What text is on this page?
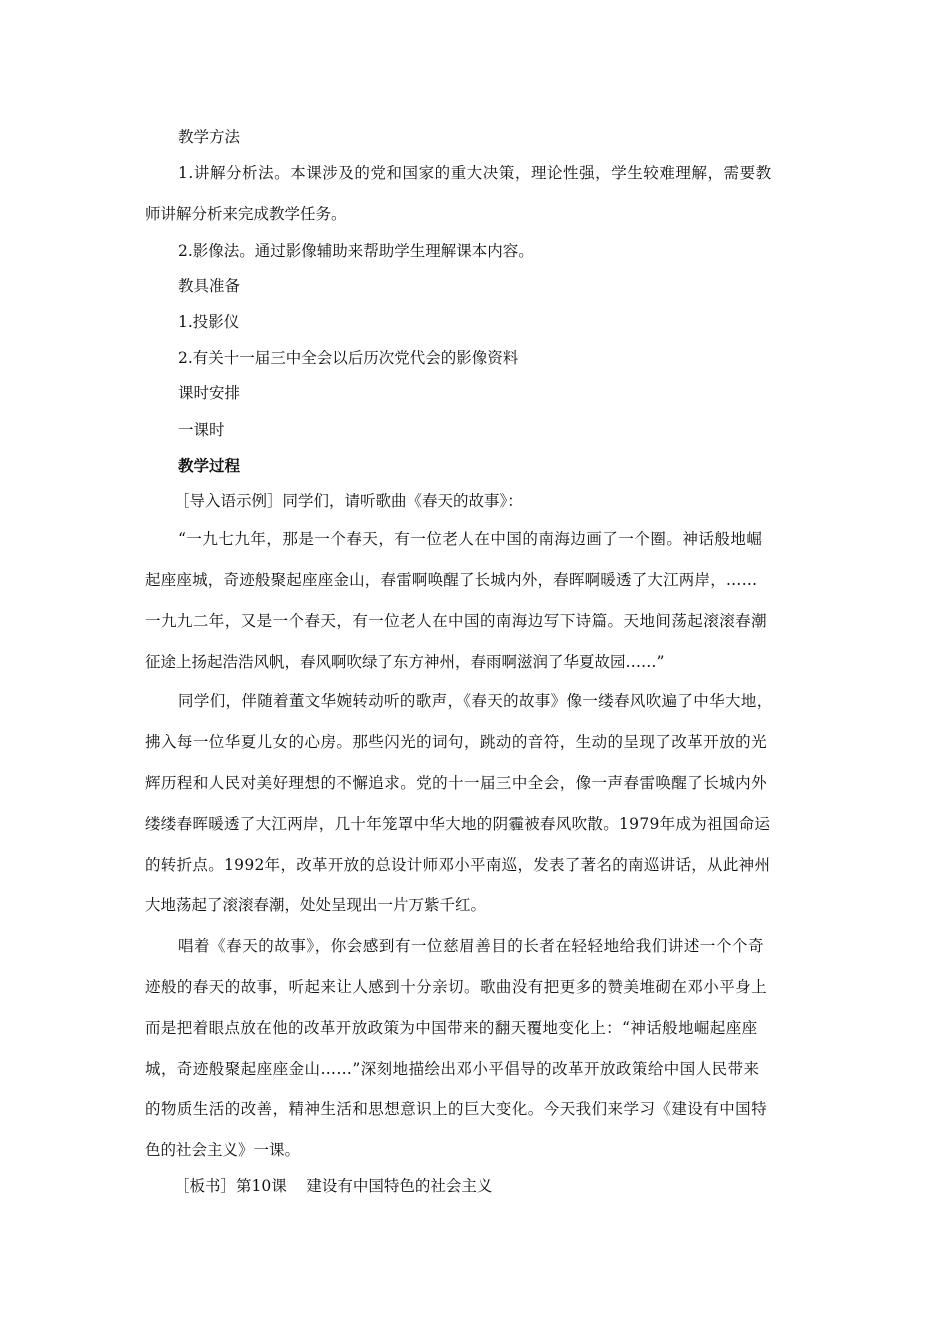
教学方法
1.讲解分析法。本课涉及的党和国家的重大决策，理论性强，学生较难理解，需要教
师讲解分析来完成教学任务。
2.影像法。通过影像辅助来帮助学生理解课本内容。
教具准备
1.投影仪
2.有关十一届三中全会以后历次党代会的影像资料
课时安排
一课时
教学过程
［导入语示例］同学们，请听歌曲《春天的故事》：
“一九七九年，那是一个春天，有一位老人在中国的南海边画了一个圈。神话般地崛
起座座城，奇迹般聚起座座金山，春雷啊唤醒了长城内外，春晖啊暖透了大江两岸，……
一九九二年，又是一个春天，有一位老人在中国的南海边写下诗篇。天地间荡起滚滚春潮
征途上扬起浩浩风帆，春风啊吹绿了东方神州，春雨啊滋润了华夏故园……”
同学们，伴随着董文华婉转动听的歌声，《春天的故事》像一缕春风吹遍了中华大地，
拂入每一位华夏儿女的心房。那些闪光的词句，跳动的音符，生动的呈现了改革开放的光
辉历程和人民对美好理想的不懈追求。党的十一届三中全会，像一声春雷唤醒了长城内外
缕缕春晖暖透了大江两岸，几十年笼罩中华大地的阴霾被春风吹散。1979年成为祖国命运
的转折点。1992年，改革开放的总设计师邓小平南巡，发表了著名的南巡讲话，从此神州
大地荡起了滚滚春潮，处处呈现出一片万紫千红。
唱着《春天的故事》，你会感到有一位慈眉善目的长者在轻轻地给我们讲述一个个奇
迹般的春天的故事，听起来让人感到十分亲切。歌曲没有把更多的赞美堆砌在邓小平身上
而是把着眼点放在他的改革开放政策为中国带来的翻天覆地变化上：“神话般地崛起座座
城，奇迹般聚起座座金山……”深刻地描绘出邓小平倡导的改革开放政策给中国人民带来
的物质生活的改善，精神生活和思想意识上的巨大变化。今天我们来学习《建设有中国特
色的社会主义》一课。
［板书］第10课    建设有中国特色的社会主义
